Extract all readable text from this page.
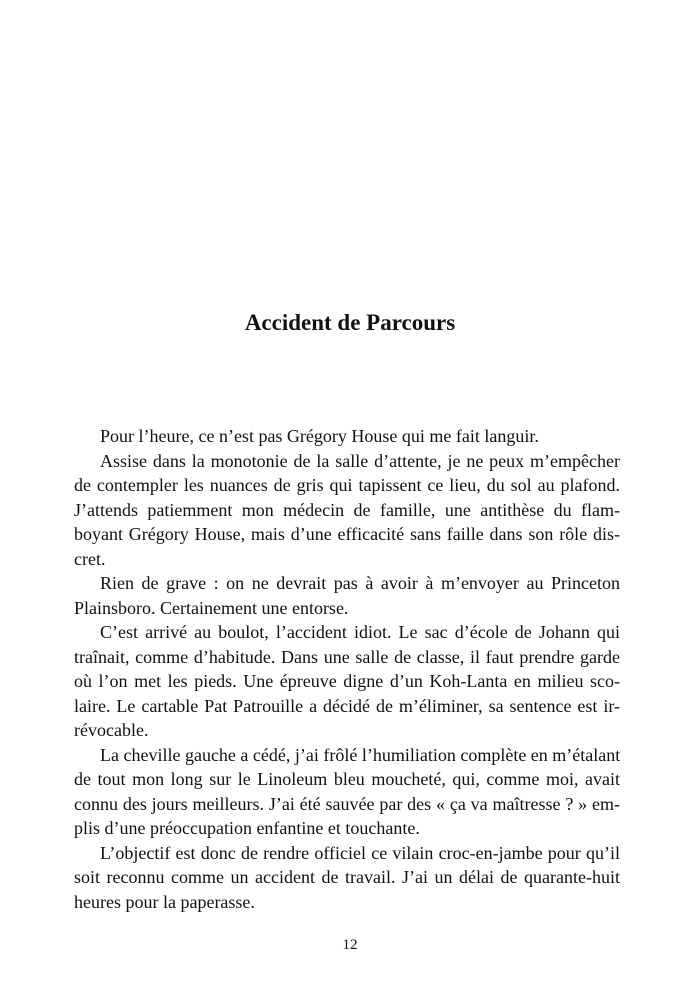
Accident de Parcours
Pour l’heure, ce n’est pas Grégory House qui me fait languir.
Assise dans la monotonie de la salle d’attente, je ne peux m’empêcher
de contempler les nuances de gris qui tapissent ce lieu, du sol au plafond.
J’attends patiemment mon médecin de famille, une antithèse du flam-
boyant Grégory House, mais d’une efficacité sans faille dans son rôle dis-
cret.
Rien de grave : on ne devrait pas à avoir à m’envoyer au Princeton
Plainsboro. Certainement une entorse.
C’est arrivé au boulot, l’accident idiot. Le sac d’école de Johann qui
traînait, comme d’habitude. Dans une salle de classe, il faut prendre garde
où l’on met les pieds. Une épreuve digne d’un Koh-Lanta en milieu sco-
laire. Le cartable Pat Patrouille a décidé de m’éliminer, sa sentence est ir-
révocable.
La cheville gauche a cédé, j’ai frôlé l’humiliation complète en m’étalant
de tout mon long sur le Linoleum bleu moucheté, qui, comme moi, avait
connu des jours meilleurs. J’ai été sauvée par des « ça va maîtresse ? » em-
plis d’une préoccupation enfantine et touchante.
L’objectif est donc de rendre officiel ce vilain croc-en-jambe pour qu’il
soit reconnu comme un accident de travail. J’ai un délai de quarante-huit
heures pour la paperasse.
12
